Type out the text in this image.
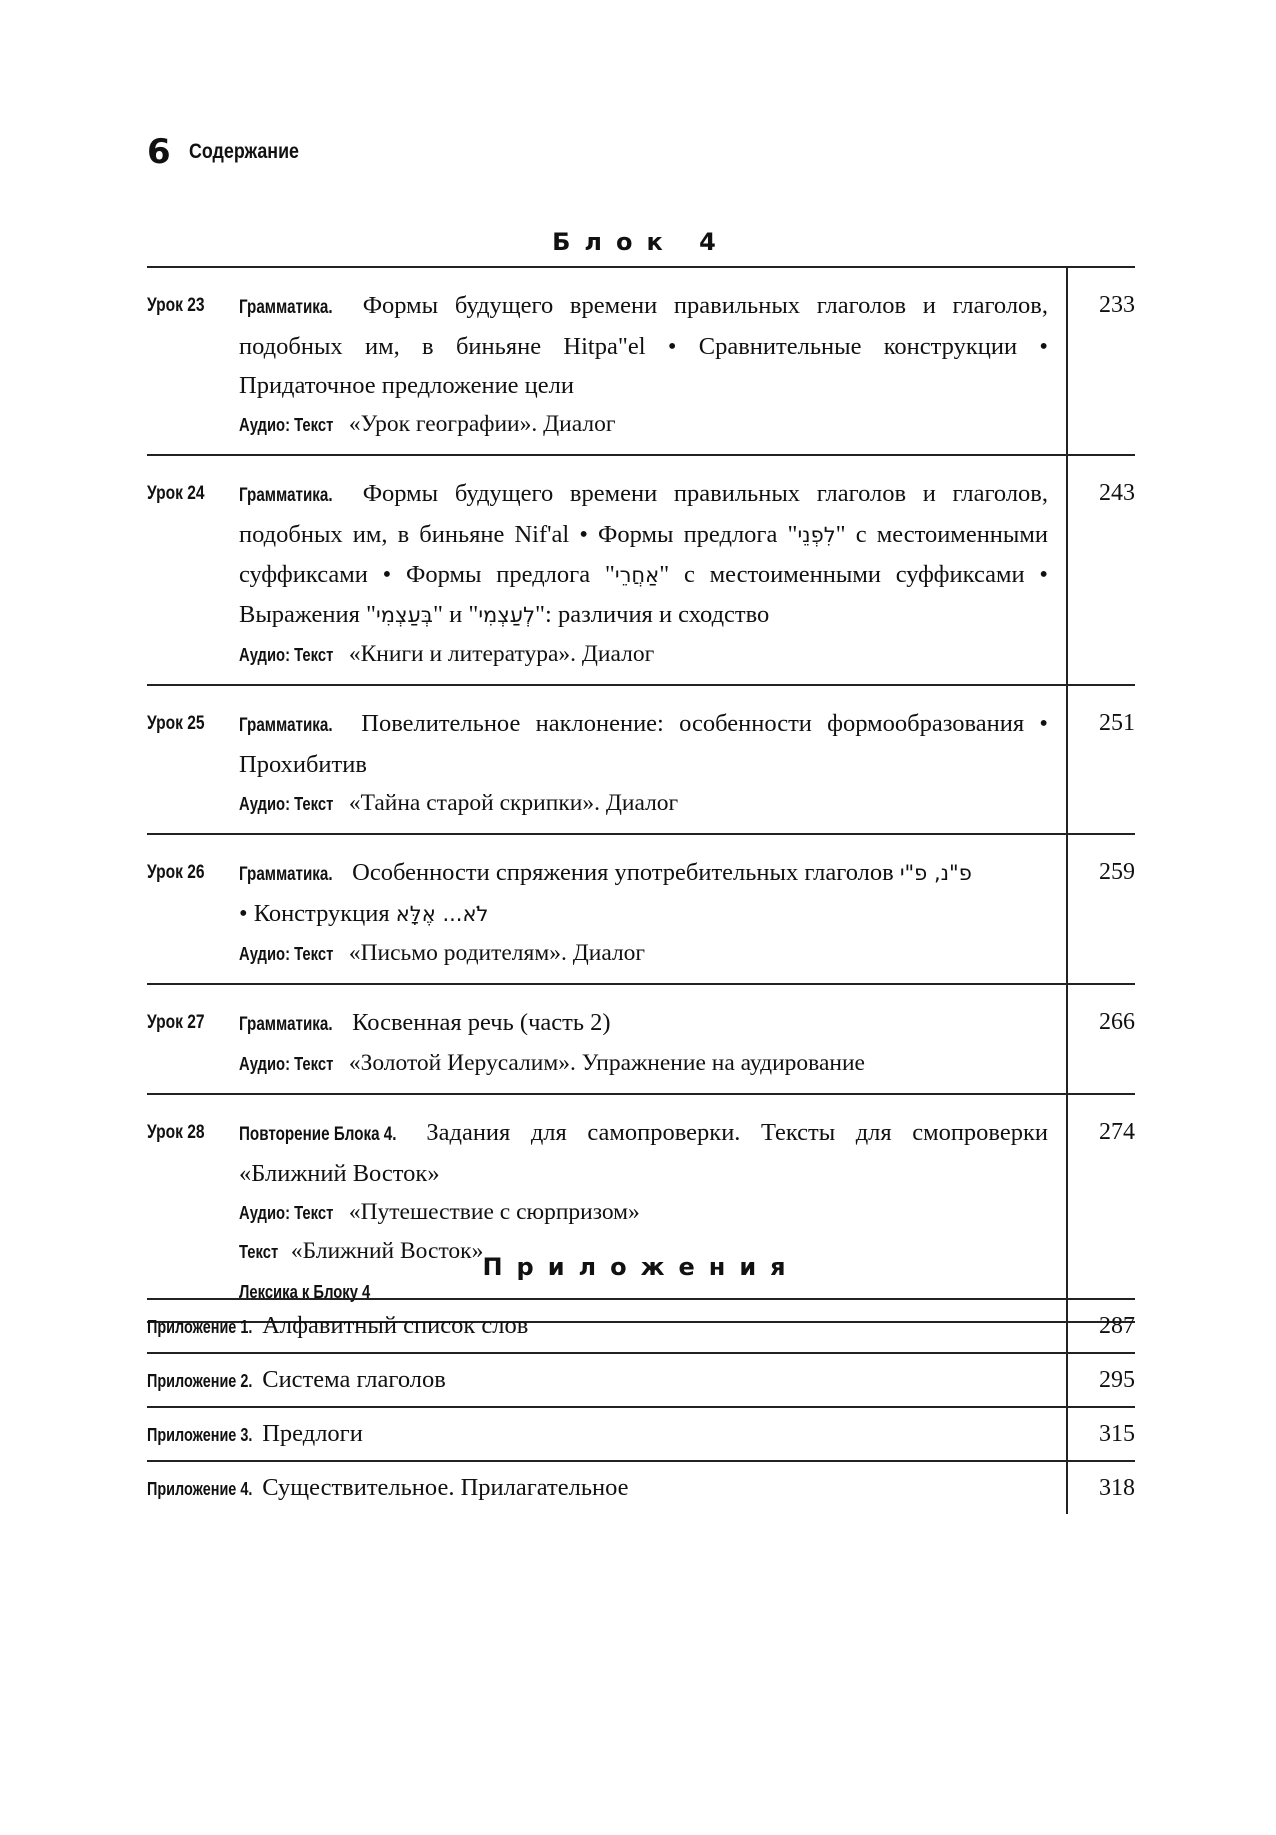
6 Содержание
Блок 4
Урок 23	Грамматика. Формы будущего времени правильных глаголов и глаголов, подобных им, в биньяне Hitpa"el • Сравнительные конструкции • Придаточное предложение цели
Аудио: Текст «Урок географии». Диалог	233
Урок 24	Грамматика. Формы будущего времени правильных глаголов и глаголов, подобных им, в биньяне Nif'al • Формы предлога "לִפְנֵי" с местоименными суффиксами • Формы предлога "אַחֲרֵי" с местоименными суффиксами • Выражения "בְּעַצְמִי" и "לְעַצְמִי": различия и сходство
Аудио: Текст «Книги и литература». Диалог	243
Урок 25	Грамматика. Повелительное наклонение: особенности формообразования • Прохибитив
Аудио: Текст «Тайна старой скрипки». Диалог	251
Урок 26	Грамматика. Особенности спряжения употребительных глаголов פ"נ, פ"י
• Конструкция לֹא... אֶלָּא
Аудио: Текст «Письмо родителям». Диалог	259
Урок 27	Грамматика. Косвенная речь (часть 2)
Аудио: Текст «Золотой Иерусалим». Упражнение на аудирование	266
Урок 28	Повторение Блока 4. Задания для самопроверки. Тексты для смопроверки «Ближний Восток»
Аудио: Текст «Путешествие с сюрпризом»
Текст «Ближний Восток»
Лексика к Блоку 4	274
Приложения
Приложение 1. Алфавитный список слов	287
Приложение 2. Система глаголов	295
Приложение 3. Предлоги	315
Приложение 4. Существительное. Прилагательное	318
